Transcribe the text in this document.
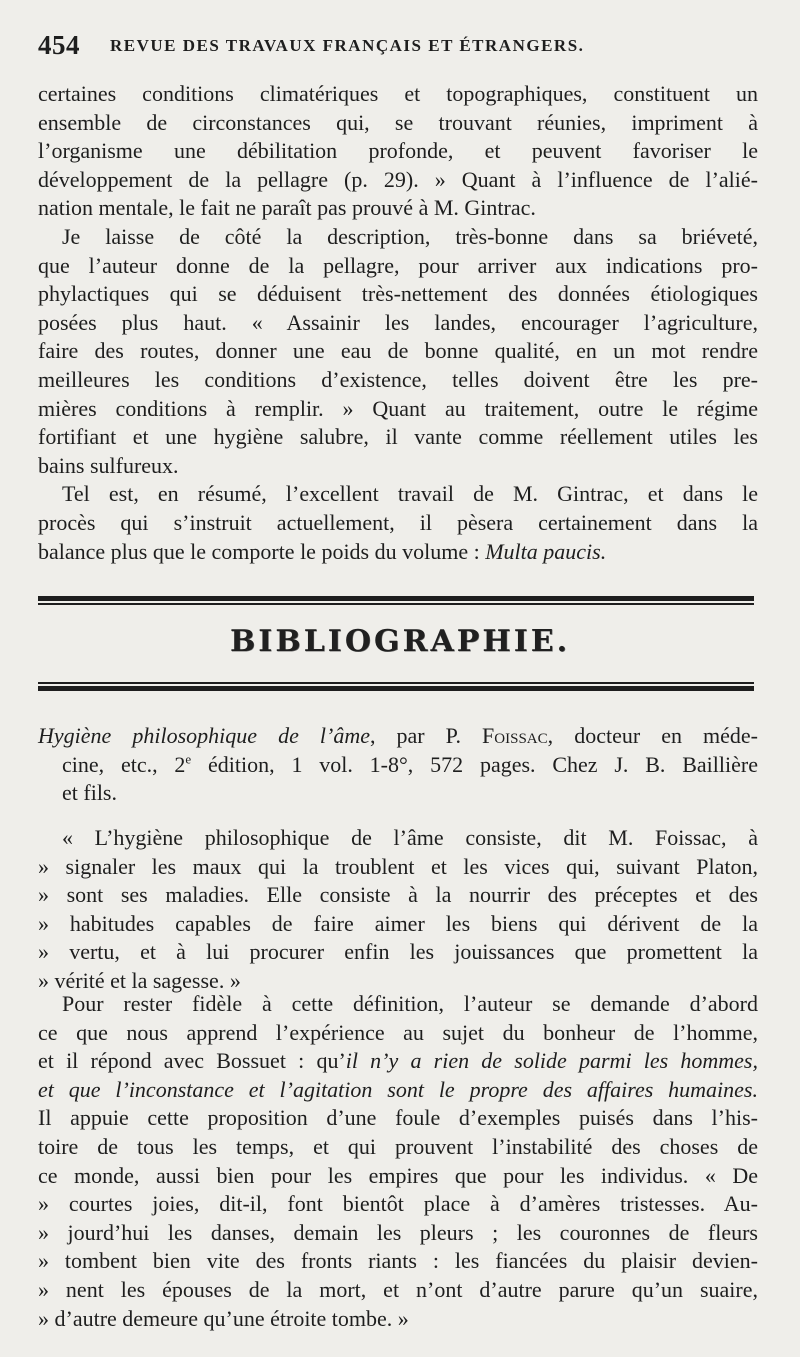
454 REVUE DES TRAVAUX FRANÇAIS ET ÉTRANGERS.
certaines conditions climatériques et topographiques, constituent un
ensemble de circonstances qui, se trouvant réunies, impriment à
l’organisme une débilitation profonde, et peuvent favoriser le
développement de la pellagre (p. 29). » Quant à l’influence de l’alié-
nation mentale, le fait ne paraît pas prouvé à M. Gintrac.
Je laisse de côté la description, très-bonne dans sa briéveté,
que l’auteur donne de la pellagre, pour arriver aux indications pro-
phylactiques qui se déduisent très-nettement des données étiologiques
posées plus haut. « Assainir les landes, encourager l’agriculture,
faire des routes, donner une eau de bonne qualité, en un mot rendre
meilleures les conditions d’existence, telles doivent être les pre-
mières conditions à remplir. » Quant au traitement, outre le régime
fortifiant et une hygiène salubre, il vante comme réellement utiles les
bains sulfureux.
Tel est, en résumé, l’excellent travail de M. Gintrac, et dans le
procès qui s’instruit actuellement, il pèsera certainement dans la
balance plus que le comporte le poids du volume : Multa paucis.
BIBLIOGRAPHIE.
Hygiène philosophique de l’âme, par P. Foissac, docteur en méde-
cine, etc., 2e édition, 1 vol. 1-8°, 572 pages. Chez J. B. Baillière
et fils.
« L’hygiène philosophique de l’âme consiste, dit M. Foissac, à
» signaler les maux qui la troublent et les vices qui, suivant Platon,
» sont ses maladies. Elle consiste à la nourrir des préceptes et des
» habitudes capables de faire aimer les biens qui dérivent de la
» vertu, et à lui procurer enfin les jouissances que promettent la
» vérité et la sagesse. »
Pour rester fidèle à cette définition, l’auteur se demande d’abord
ce que nous apprend l’expérience au sujet du bonheur de l’homme,
et il répond avec Bossuet : qu’il n’y a rien de solide parmi les hommes,
et que l’inconstance et l’agitation sont le propre des affaires humaines.
Il appuie cette proposition d’une foule d’exemples puisés dans l’his-
toire de tous les temps, et qui prouvent l’instabilité des choses de
ce monde, aussi bien pour les empires que pour les individus. « De
» courtes joies, dit-il, font bientôt place à d’amères tristesses. Au-
» jourd’hui les danses, demain les pleurs ; les couronnes de fleurs
» tombent bien vite des fronts riants : les fiancées du plaisir devien-
» nent les épouses de la mort, et n’ont d’autre parure qu’un suaire,
» d’autre demeure qu’une étroite tombe. »
